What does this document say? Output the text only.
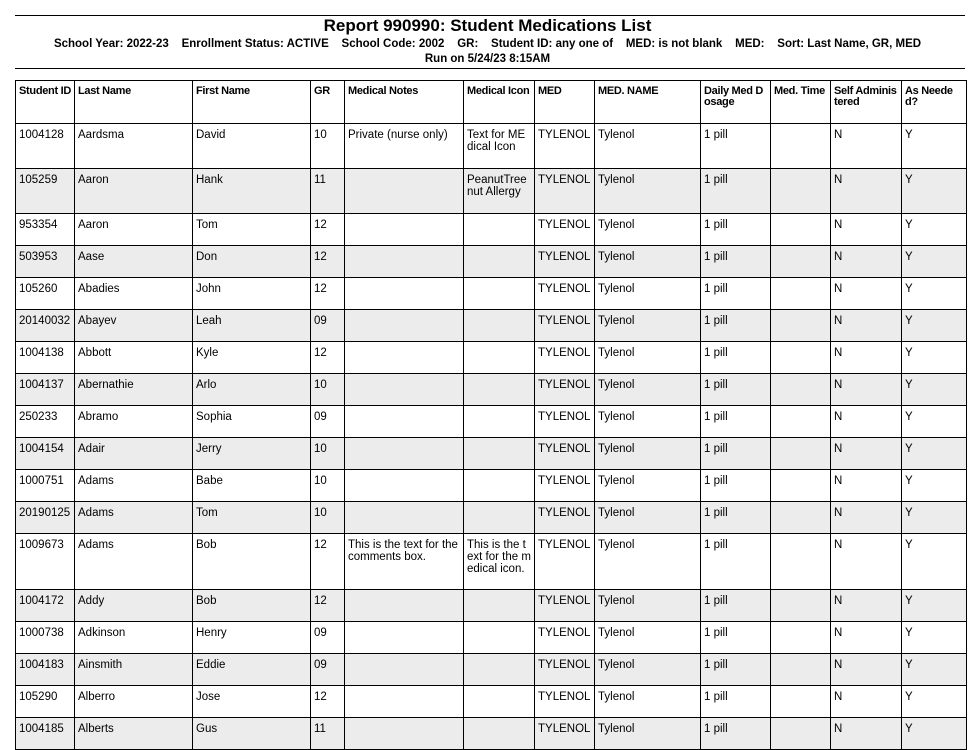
Report 990990: Student Medications List
School Year: 2022-23    Enrollment Status: ACTIVE    School Code: 2002    GR:    Student ID: any one of    MED: is not blank    MED:    Sort: Last Name, GR, MED
Run on 5/24/23 8:15AM
Student ID	Last Name	First Name	GR	Medical Notes	Medical Icon	MED	MED. NAME	Daily Med Dosage	Med. Time	Self Administered	As Needed?
1004128	Aardsma	David	10	Private (nurse only)	Text for MEdical Icon	TYLENOL	Tylenol	1 pill		N	Y
105259	Aaron	Hank	11		PeanutTreenut Allergy	TYLENOL	Tylenol	1 pill		N	Y
953354	Aaron	Tom	12			TYLENOL	Tylenol	1 pill		N	Y
503953	Aase	Don	12			TYLENOL	Tylenol	1 pill		N	Y
105260	Abadies	John	12			TYLENOL	Tylenol	1 pill		N	Y
20140032	Abayev	Leah	09			TYLENOL	Tylenol	1 pill		N	Y
1004138	Abbott	Kyle	12			TYLENOL	Tylenol	1 pill		N	Y
1004137	Abernathie	Arlo	10			TYLENOL	Tylenol	1 pill		N	Y
250233	Abramo	Sophia	09			TYLENOL	Tylenol	1 pill		N	Y
1004154	Adair	Jerry	10			TYLENOL	Tylenol	1 pill		N	Y
1000751	Adams	Babe	10			TYLENOL	Tylenol	1 pill		N	Y
20190125	Adams	Tom	10			TYLENOL	Tylenol	1 pill		N	Y
1009673	Adams	Bob	12	This is the text for the comments box.	This is the text for the medical icon.	TYLENOL	Tylenol	1 pill		N	Y
1004172	Addy	Bob	12			TYLENOL	Tylenol	1 pill		N	Y
1000738	Adkinson	Henry	09			TYLENOL	Tylenol	1 pill		N	Y
1004183	Ainsmith	Eddie	09			TYLENOL	Tylenol	1 pill		N	Y
105290	Alberro	Jose	12			TYLENOL	Tylenol	1 pill		N	Y
1004185	Alberts	Gus	11			TYLENOL	Tylenol	1 pill		N	Y
